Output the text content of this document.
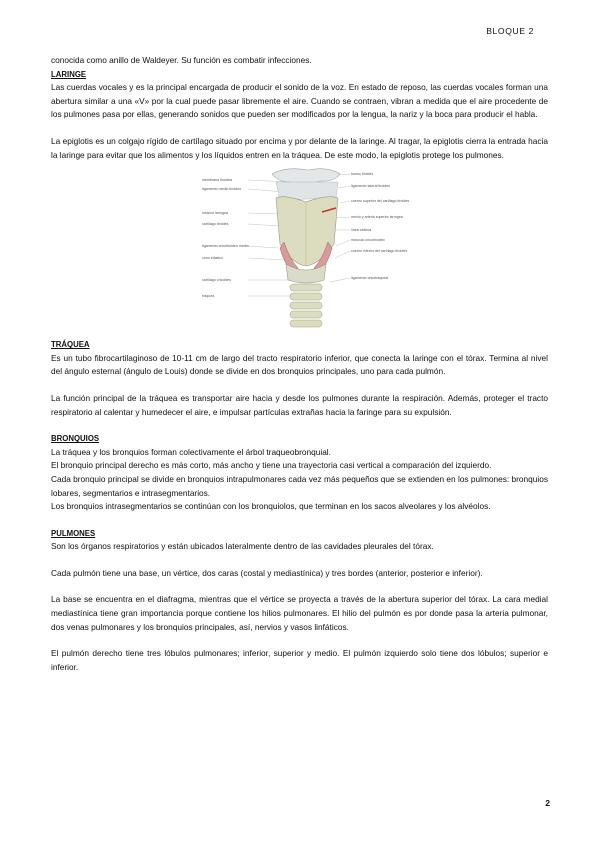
BLOQUE 2

conocida como anillo de Waldeyer. Su función es combatir infecciones.

LARINGE

Las cuerdas vocales y es la principal encargada de producir el sonido de la voz. En estado de reposo, las cuerdas vocales forman una abertura similar a una «V» por la cual puede pasar libremente el aire. Cuando se contraen, vibran a medida que el aire procedente de los pulmones pasa por ellas, generando sonidos que pueden ser modificados por la lengua, la nariz y la boca para producir el habla.

La epiglotis es un colgajo rígido de cartílago situado por encima y por delante de la laringe. Al tragar, la epiglotis cierra la entrada hacia la laringe para evitar que los alimentos y los líquidos entren en la tráquea. De este modo, la epiglotis protege los pulmones.

membrana tiroidea
ligamento medio tiroideo
incisión laríngea
cartílago tiroides
ligamento cricotiroideo medio
cono elástico
cartílago cricoides
tráquea
hueso hioides
ligamento lateral tiroideo
cuerno superior del cartílago tiroides
nervio y arteria superior laríngea
línea oblicua
músculo cricotiroideo
cuerno inferior del cartílago tiroides
ligamento cricotraqueal
TRÁQUEA

Es un tubo fibrocartilaginoso de 10-11 cm de largo del tracto respiratorio inferior, que conecta la laringe con el tórax. Termina al nivel del ángulo esternal (ángulo de Louis) donde se divide en dos bronquios principales, uno para cada pulmón.

La función principal de la tráquea es transportar aire hacia y desde los pulmones durante la respiración. Además, proteger el tracto respiratorio al calentar y humedecer el aire, e impulsar partículas extrañas hacia la faringe para su expulsión.

BRONQUIOS

La tráquea y los bronquios forman colectivamente el árbol traqueobronquial.

El bronquio principal derecho es más corto, más ancho y tiene una trayectoria casi vertical a comparación del izquierdo.

Cada bronquio principal se divide en bronquios intrapulmonares cada vez más pequeños que se extienden en los pulmones: bronquios lobares, segmentarios e intrasegmentarios.

Los bronquios intrasegmentarios se continúan con los bronquiolos, que terminan en los sacos alveolares y los alvéolos.

PULMONES

Son los órganos respiratorios y están ubicados lateralmente dentro de las cavidades pleurales del tórax.

Cada pulmón tiene una base, un vértice, dos caras (costal y mediastínica) y tres bordes (anterior, posterior e inferior).

La base se encuentra en el diafragma, mientras que el vértice se proyecta a través de la abertura superior del tórax. La cara medial mediastínica tiene gran importancia porque contiene los hilios pulmonares. El hilio del pulmón es por donde pasa la arteria pulmonar, dos venas pulmonares y los bronquios principales, así, nervios y vasos linfáticos.

El pulmón derecho tiene tres lóbulos pulmonares; inferior, superior y medio. El pulmón izquierdo solo tiene dos lóbulos; superior e inferior.

2
